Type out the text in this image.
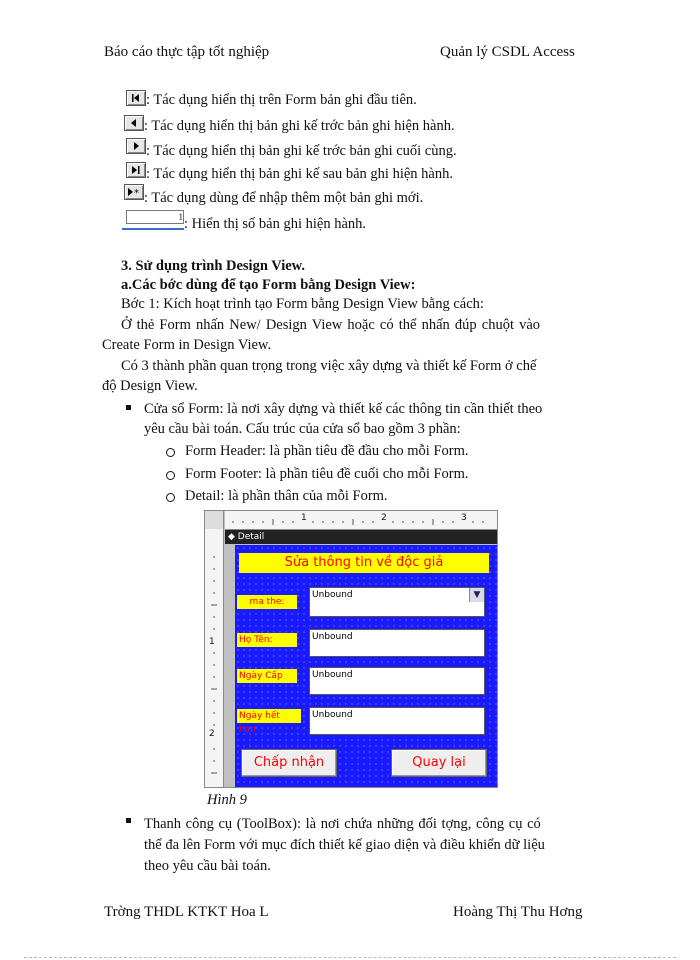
Báo cáo thực tập tốt nghiệp	Quản lý CSDL Access
: Tác dụng hiển thị trên Form bản ghi đầu tiên.
: Tác dụng hiển thị bản ghi kế trớc bản ghi hiện hành.
: Tác dụng hiển thị bản ghi kế trớc bản ghi cuối cùng.
: Tác dụng hiển thị bản ghi kế sau bản ghi hiện hành.
* : Tác dụng dùng để nhập thêm một bản ghi mới.
1 : Hiển thị số bản ghi hiện hành.
3. Sử dụng trình Design View.
a.Các bớc dùng để tạo Form bằng Design View:
Bớc 1: Kích hoạt trình tạo Form bằng Design View bằng cách:
Ở thẻ Form nhấn New/ Design View hoặc có thể nhấn đúp chuột vào
Create Form in Design View.
Có 3 thành phần quan trọng trong việc xây dựng và thiết kế Form ở chế
độ Design View.
Cửa sổ Form: là nơi xây dựng và thiết kế các thông tin cần thiết theo
yêu cầu bài toán. Cấu trúc của cửa sổ bao gồm 3 phần:
Form Header: là phần tiêu đề đầu cho mỗi Form.
Form Footer: là phần tiêu đề cuối cho mỗi Form.
Detail: là phần thân của mỗi Form.
1	2	3
1
2
◆ Detail
Sửa thông tin về độc giả
ma the:
Unbound	▼
Họ Tên:	Unbound
Ngày Cấp	Unbound
Ngày hết hạn
Unbound
Chấp nhận	Quay lại
Hình 9
Thanh công cụ (ToolBox): là nơi chứa những đối tợng, công cụ có
thể đa lên Form với mục đích thiết kế giao diện và điều khiển dữ liệu
theo yêu cầu bài toán.
Trờng THDL KTKT Hoa L	Hoàng Thị Thu Hơng
